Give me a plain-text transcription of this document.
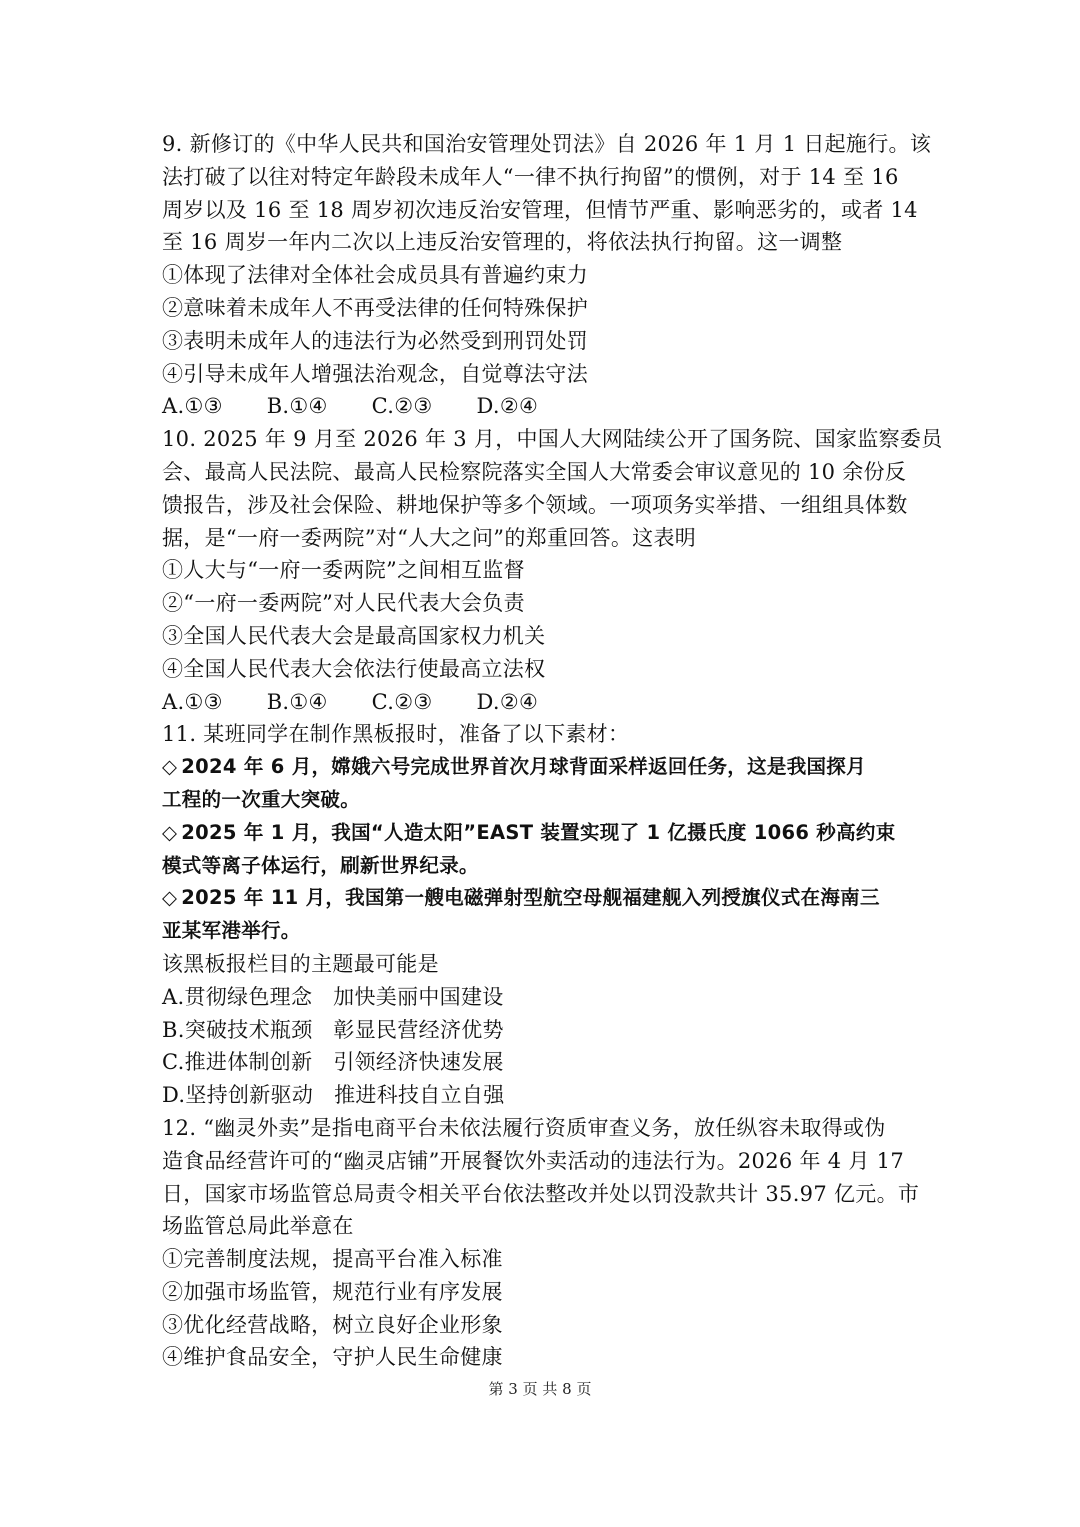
9. 新修订的《中华人民共和国治安管理处罚法》自 2026 年 1 月 1 日起施行。该
法打破了以往对特定年龄段未成年人“一律不执行拘留”的惯例，对于 14 至 16
周岁以及 16 至 18 周岁初次违反治安管理，但情节严重、影响恶劣的，或者 14
至 16 周岁一年内二次以上违反治安管理的，将依法执行拘留。这一调整
①体现了法律对全体社会成员具有普遍约束力
②意味着未成年人不再受法律的任何特殊保护
③表明未成年人的违法行为必然受到刑罚处罚
④引导未成年人增强法治观念，自觉尊法守法
A.①③ B.①④ C.②③ D.②④
10. 2025 年 9 月至 2026 年 3 月，中国人大网陆续公开了国务院、国家监察委员
会、最高人民法院、最高人民检察院落实全国人大常委会审议意见的 10 余份反
馈报告，涉及社会保险、耕地保护等多个领域。一项项务实举措、一组组具体数
据，是“一府一委两院”对“人大之问”的郑重回答。这表明
①人大与“一府一委两院”之间相互监督
②“一府一委两院”对人民代表大会负责
③全国人民代表大会是最高国家权力机关
④全国人民代表大会依法行使最高立法权
A.①③ B.①④ C.②③ D.②④
11. 某班同学在制作黑板报时，准备了以下素材：
◇ 2024 年 6 月，嫦娥六号完成世界首次月球背面采样返回任务，这是我国探月
工程的一次重大突破。
◇ 2025 年 1 月，我国“人造太阳”EAST 装置实现了 1 亿摄氏度 1066 秒高约束
模式等离子体运行，刷新世界纪录。
◇ 2025 年 11 月，我国第一艘电磁弹射型航空母舰福建舰入列授旗仪式在海南三
亚某军港举行。
该黑板报栏目的主题最可能是
A.贯彻绿色理念   加快美丽中国建设
B.突破技术瓶颈   彰显民营经济优势
C.推进体制创新   引领经济快速发展
D.坚持创新驱动   推进科技自立自强
12. “幽灵外卖”是指电商平台未依法履行资质审查义务，放任纵容未取得或伪
造食品经营许可的“幽灵店铺”开展餐饮外卖活动的违法行为。2026 年 4 月 17
日，国家市场监管总局责令相关平台依法整改并处以罚没款共计 35.97 亿元。市
场监管总局此举意在
①完善制度法规，提高平台准入标准
②加强市场监管，规范行业有序发展
③优化经营战略，树立良好企业形象
④维护食品安全，守护人民生命健康
第 3 页 共 8 页
